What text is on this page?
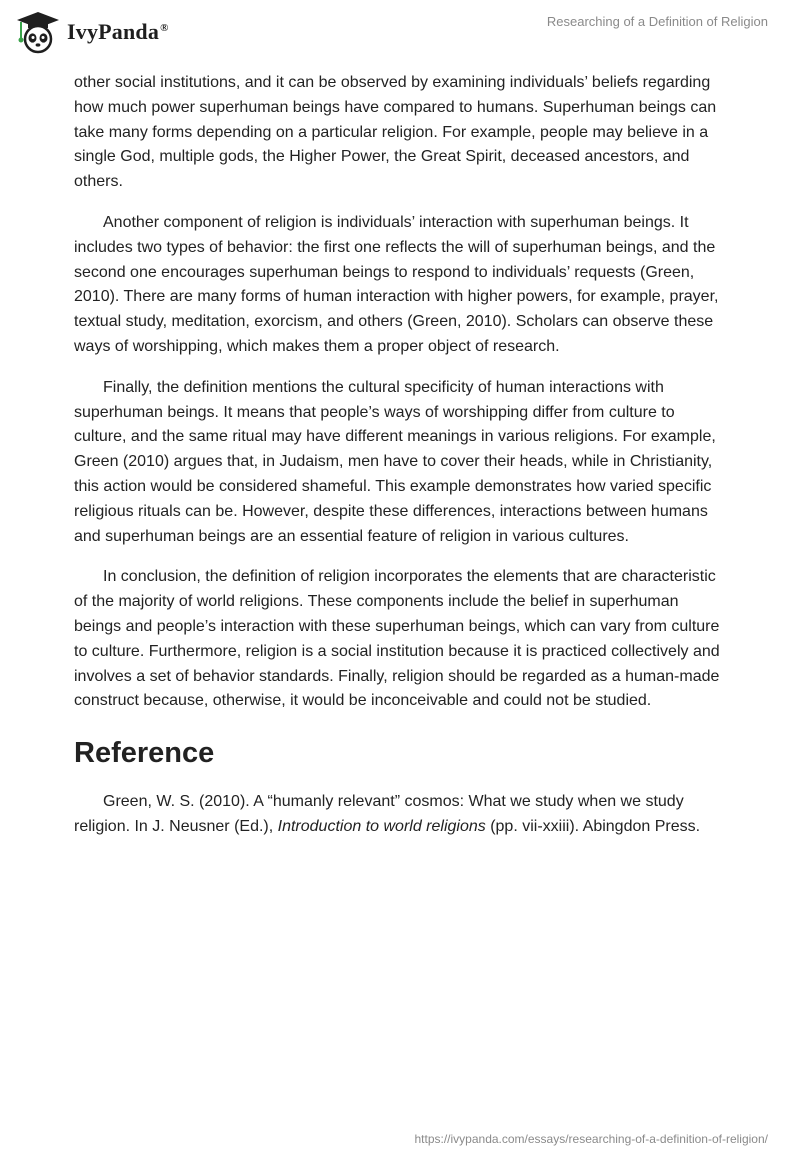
IvyPanda®	Researching of a Definition of Religion

other social institutions, and it can be observed by examining individuals’ beliefs regarding how much power superhuman beings have compared to humans. Superhuman beings can take many forms depending on a particular religion. For example, people may believe in a single God, multiple gods, the Higher Power, the Great Spirit, deceased ancestors, and others.

Another component of religion is individuals’ interaction with superhuman beings. It includes two types of behavior: the first one reflects the will of superhuman beings, and the second one encourages superhuman beings to respond to individuals’ requests (Green, 2010). There are many forms of human interaction with higher powers, for example, prayer, textual study, meditation, exorcism, and others (Green, 2010). Scholars can observe these ways of worshipping, which makes them a proper object of research.

Finally, the definition mentions the cultural specificity of human interactions with superhuman beings. It means that people’s ways of worshipping differ from culture to culture, and the same ritual may have different meanings in various religions. For example, Green (2010) argues that, in Judaism, men have to cover their heads, while in Christianity, this action would be considered shameful. This example demonstrates how varied specific religious rituals can be. However, despite these differences, interactions between humans and superhuman beings are an essential feature of religion in various cultures.

In conclusion, the definition of religion incorporates the elements that are characteristic of the majority of world religions. These components include the belief in superhuman beings and people’s interaction with these superhuman beings, which can vary from culture to culture. Furthermore, religion is a social institution because it is practiced collectively and involves a set of behavior standards. Finally, religion should be regarded as a human-made construct because, otherwise, it would be inconceivable and could not be studied.

Reference

Green, W. S. (2010). A “humanly relevant” cosmos: What we study when we study religion. In J. Neusner (Ed.), Introduction to world religions (pp. vii-xxiii). Abingdon Press.

https://ivypanda.com/essays/researching-of-a-definition-of-religion/
